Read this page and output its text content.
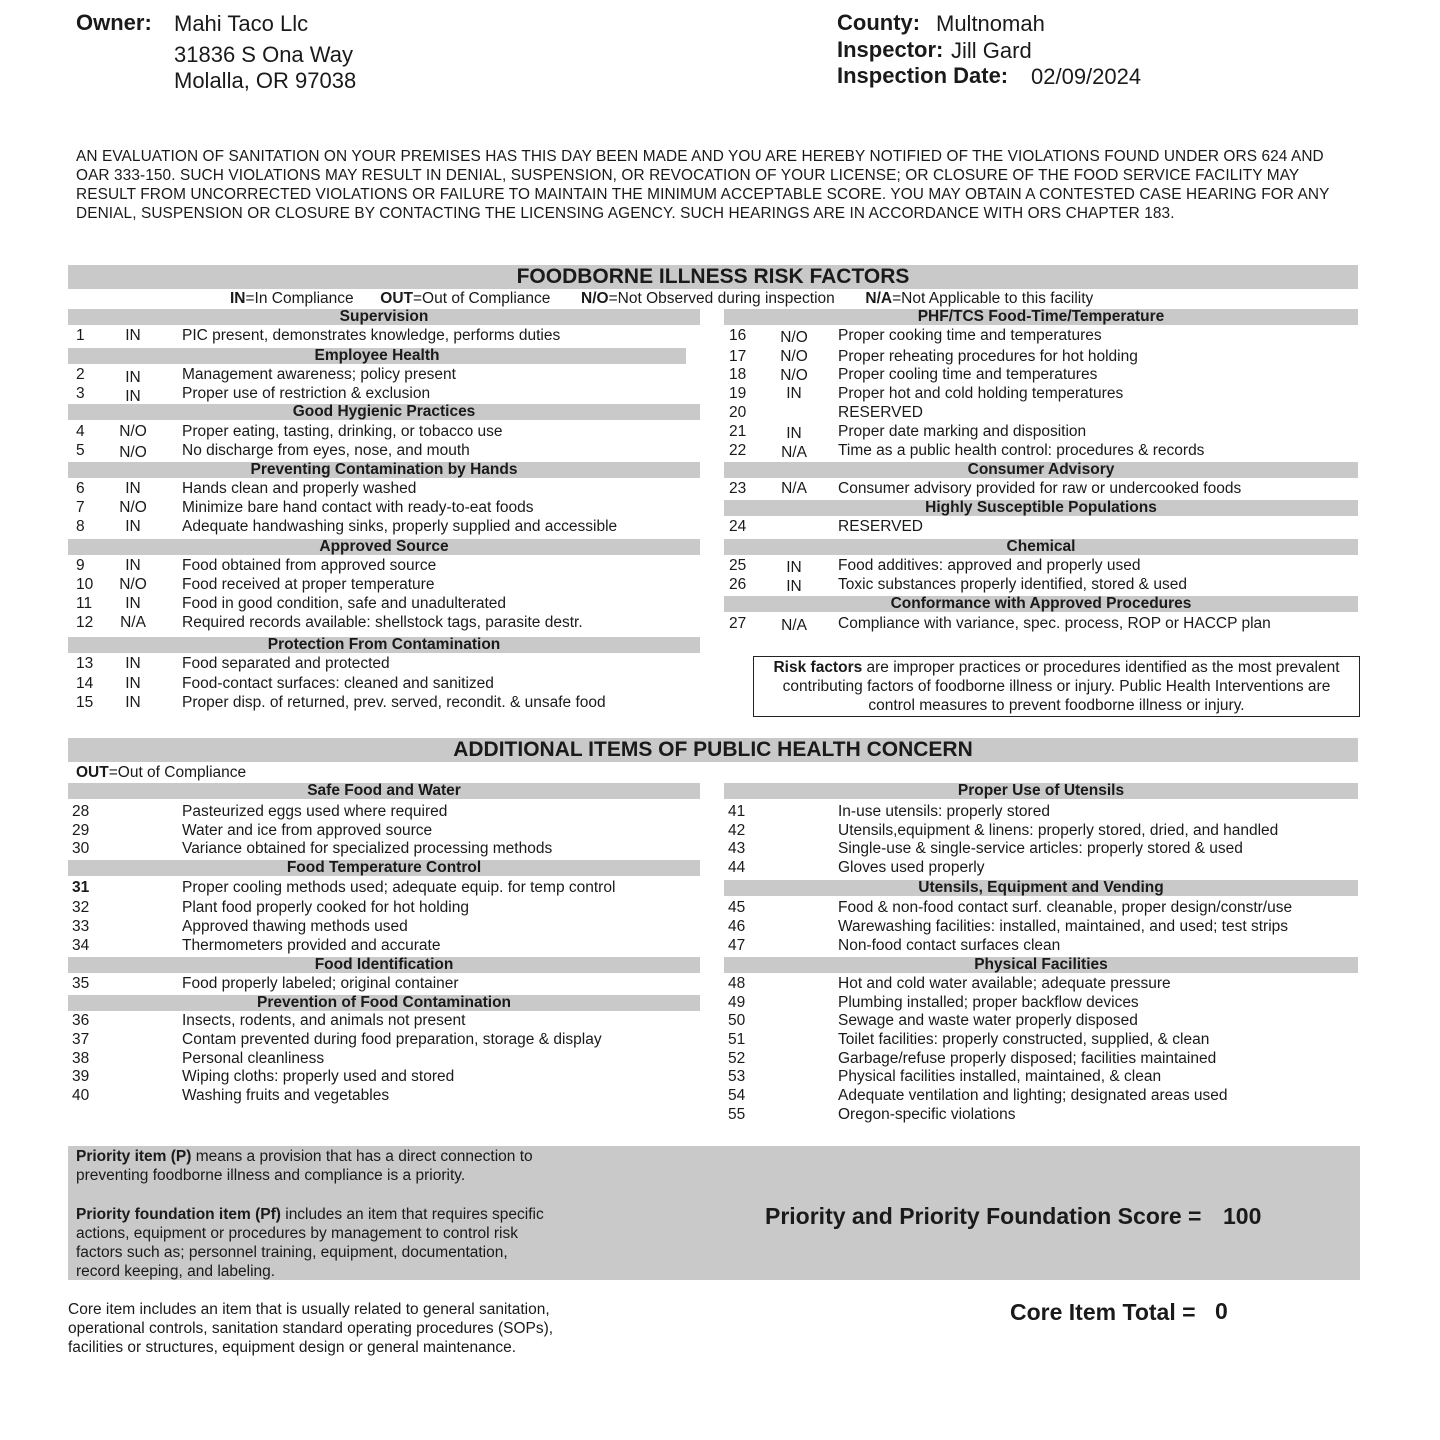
Owner: Mahi Taco Llc
31836 S Ona Way
Molalla, OR 97038
County: Multnomah
Inspector: Jill Gard
Inspection Date: 02/09/2024
AN EVALUATION OF SANITATION ON YOUR PREMISES HAS THIS DAY BEEN MADE AND YOU ARE HEREBY NOTIFIED OF THE VIOLATIONS FOUND UNDER ORS 624 AND OAR 333-150. SUCH VIOLATIONS MAY RESULT IN DENIAL, SUSPENSION, OR REVOCATION OF YOUR LICENSE; OR CLOSURE OF THE FOOD SERVICE FACILITY MAY RESULT FROM UNCORRECTED VIOLATIONS OR FAILURE TO MAINTAIN THE MINIMUM ACCEPTABLE SCORE. YOU MAY OBTAIN A CONTESTED CASE HEARING FOR ANY DENIAL, SUSPENSION OR CLOSURE BY CONTACTING THE LICENSING AGENCY. SUCH HEARINGS ARE IN ACCORDANCE WITH ORS CHAPTER 183.
FOODBORNE ILLNESS RISK FACTORS
IN=In Compliance OUT=Out of Compliance N/O=Not Observed during inspection N/A=Not Applicable to this facility
Supervision
Employee Health
Good Hygienic Practices
Preventing Contamination by Hands
Approved Source
Protection From Contamination
PHF/TCS Food-Time/Temperature
Consumer Advisory
Highly Susceptible Populations
Chemical
Conformance with Approved Procedures
1	IN	PIC present, demonstrates knowledge, performs duties
2	IN	Management awareness; policy present
3	IN	Proper use of restriction & exclusion
4	N/O	Proper eating, tasting, drinking, or tobacco use
5	N/O	No discharge from eyes, nose, and mouth
6	IN	Hands clean and properly washed
7	N/O	Minimize bare hand contact with ready-to-eat foods
8	IN	Adequate handwashing sinks, properly supplied and accessible
9	IN	Food obtained from approved source
10	N/O	Food received at proper temperature
11	IN	Food in good condition, safe and unadulterated
12	N/A	Required records available: shellstock tags, parasite destr.
13	IN	Food separated and protected
14	IN	Food-contact surfaces: cleaned and sanitized
15	IN	Proper disp. of returned, prev. served, recondit. & unsafe food
16	N/O	Proper cooking time and temperatures
17	N/O	Proper reheating procedures for hot holding
18	N/O	Proper cooling time and temperatures
19	IN	Proper hot and cold holding temperatures
20	RESERVED
21	IN	Proper date marking and disposition
22	N/A	Time as a public health control: procedures & records
23	N/A	Consumer advisory provided for raw or undercooked foods
24	RESERVED
25	IN	Food additives: approved and properly used
26	IN	Toxic substances properly identified, stored & used
27	N/A	Compliance with variance, spec. process, ROP or HACCP plan
Risk factors are improper practices or procedures identified as the most prevalent
contributing factors of foodborne illness or injury. Public Health Interventions are
control measures to prevent foodborne illness or injury.
ADDITIONAL ITEMS OF PUBLIC HEALTH CONCERN
OUT=Out of Compliance
Safe Food and Water
Food Temperature Control
Food Identification
Prevention of Food Contamination
Proper Use of Utensils
Utensils, Equipment and Vending
Physical Facilities
28	Pasteurized eggs used where required
29	Water and ice from approved source
30	Variance obtained for specialized processing methods
31	Proper cooling methods used; adequate equip. for temp control
32	Plant food properly cooked for hot holding
33	Approved thawing methods used
34	Thermometers provided and accurate
35	Food properly labeled; original container
36	Insects, rodents, and animals not present
37	Contam prevented during food preparation, storage & display
38	Personal cleanliness
39	Wiping cloths: properly used and stored
40	Washing fruits and vegetables
41	In-use utensils: properly stored
42	Utensils,equipment & linens: properly stored, dried, and handled
43	Single-use & single-service articles: properly stored & used
44	Gloves used properly
45	Food & non-food contact surf. cleanable, proper design/constr/use
46	Warewashing facilities: installed, maintained, and used; test strips
47	Non-food contact surfaces clean
48	Hot and cold water available; adequate pressure
49	Plumbing installed; proper backflow devices
50	Sewage and waste water properly disposed
51	Toilet facilities: properly constructed, supplied, & clean
52	Garbage/refuse properly disposed; facilities maintained
53	Physical facilities installed, maintained, & clean
54	Adequate ventilation and lighting; designated areas used
55	Oregon-specific violations
Priority item (P) means a provision that has a direct connection to
preventing foodborne illness and compliance is a priority.
Priority foundation item (Pf) includes an item that requires specific
actions, equipment or procedures by management to control risk
factors such as; personnel training, equipment, documentation,
record keeping, and labeling.
Priority and Priority Foundation Score = 100
Core item includes an item that is usually related to general sanitation,
operational controls, sanitation standard operating procedures (SOPs),
facilities or structures, equipment design or general maintenance.
Core Item Total = 0
